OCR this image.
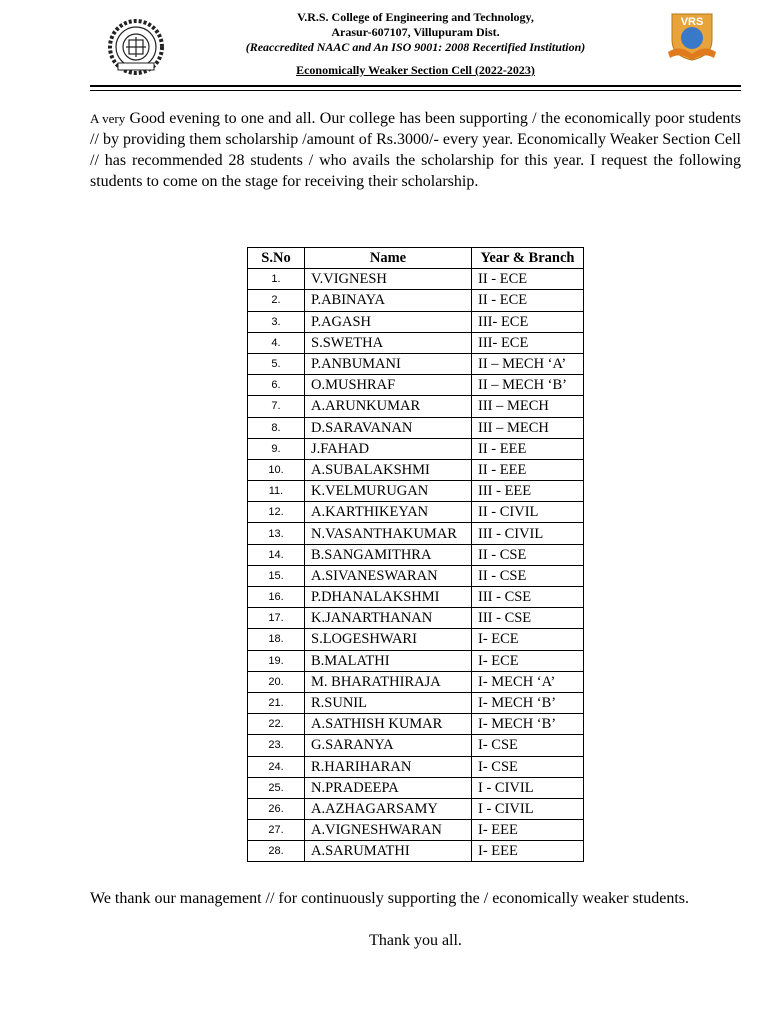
V.R.S. College of Engineering and Technology,
Arasur-607107, Villupuram Dist.
(Reaccredited NAAC and An ISO 9001: 2008 Recertified Institution)
Economically Weaker Section Cell (2022-2023)
VRS

A very Good evening to one and all. Our college has been supporting / the economically poor students // by providing them scholarship /amount of Rs.3000/- every year. Economically Weaker Section Cell // has recommended 28 students / who avails the scholarship for this year. I request the following students to come on the stage for receiving their scholarship.

S.No	Name	Year & Branch
1.	V.VIGNESH	II - ECE
2.	P.ABINAYA	II - ECE
3.	P.AGASH	III- ECE
4.	S.SWETHA	III- ECE
5.	P.ANBUMANI	II – MECH ‘A’
6.	O.MUSHRAF	II – MECH ‘B’
7.	A.ARUNKUMAR	III – MECH
8.	D.SARAVANAN	III – MECH
9.	J.FAHAD	II - EEE
10.	A.SUBALAKSHMI	II - EEE
11.	K.VELMURUGAN	III - EEE
12.	A.KARTHIKEYAN	II - CIVIL
13.	N.VASANTHAKUMAR	III - CIVIL
14.	B.SANGAMITHRA	II - CSE
15.	A.SIVANESWARAN	II - CSE
16.	P.DHANALAKSHMI	III - CSE
17.	K.JANARTHANAN	III - CSE
18.	S.LOGESHWARI	I- ECE
19.	B.MALATHI	I- ECE
20.	M. BHARATHIRAJA	I- MECH ‘A’
21.	R.SUNIL	I- MECH ‘B’
22.	A.SATHISH KUMAR	I- MECH ‘B’
23.	G.SARANYA	I- CSE
24.	R.HARIHARAN	I- CSE
25.	N.PRADEEPA	I - CIVIL
26.	A.AZHAGARSAMY	I - CIVIL
27.	A.VIGNESHWARAN	I- EEE
28.	A.SARUMATHI	I- EEE

We thank our management // for continuously supporting the / economically weaker students.

Thank you all.
